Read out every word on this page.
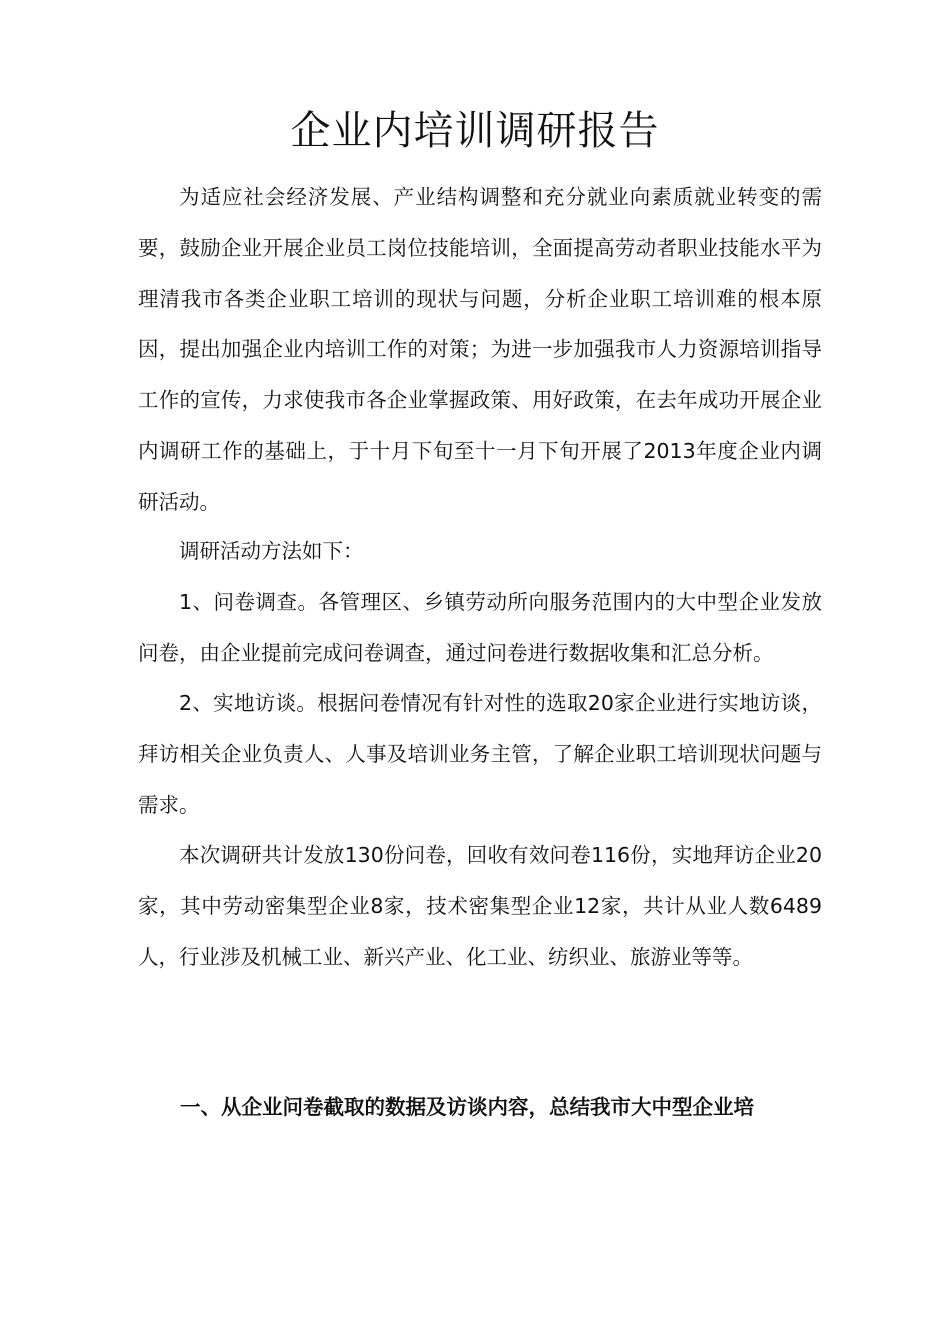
企业内培训调研报告

为适应社会经济发展、产业结构调整和充分就业向素质就业转变的需要，鼓励企业开展企业员工岗位技能培训，全面提高劳动者职业技能水平为理清我市各类企业职工培训的现状与问题，分析企业职工培训难的根本原因，提出加强企业内培训工作的对策；为进一步加强我市人力资源培训指导工作的宣传，力求使我市各企业掌握政策、用好政策，在去年成功开展企业内调研工作的基础上，于十月下旬至十一月下旬开展了2013年度企业内调研活动。

调研活动方法如下：

1、问卷调查。各管理区、乡镇劳动所向服务范围内的大中型企业发放问卷，由企业提前完成问卷调查，通过问卷进行数据收集和汇总分析。

2、实地访谈。根据问卷情况有针对性的选取20家企业进行实地访谈，拜访相关企业负责人、人事及培训业务主管，了解企业职工培训现状问题与需求。

本次调研共计发放130份问卷，回收有效问卷116份，实地拜访企业20家，其中劳动密集型企业8家，技术密集型企业12家，共计从业人数6489人，行业涉及机械工业、新兴产业、化工业、纺织业、旅游业等等。

一、从企业问卷截取的数据及访谈内容，总结我市大中型企业培
